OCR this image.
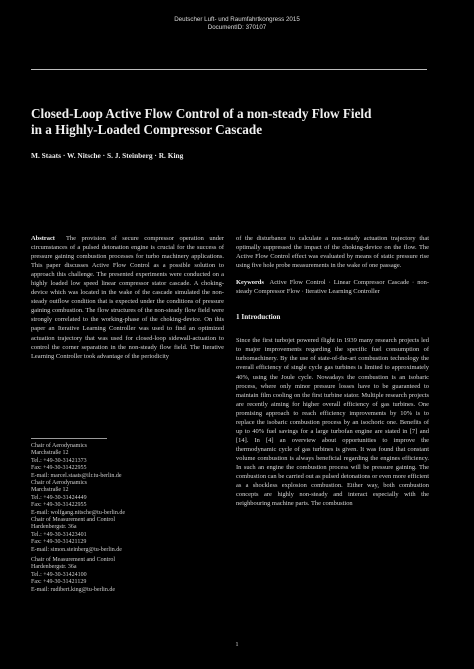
Deutscher Luft- und Raumfahrtkongress 2015
DocumentID: 370107
Closed-Loop Active Flow Control of a non-steady Flow Field
in a Highly-Loaded Compressor Cascade
M. Staats · W. Nitsche · S. J. Steinberg · R. King

Abstract The provision of secure compressor operation under circumstances of a pulsed detonation engine is crucial for the success of pressure gaining combustion processes for turbo machinery applications. This paper discusses Active Flow Control as a possible solution to approach this challenge. The presented experiments were conducted on a highly loaded low speed linear compressor stator cascade. A choking-device which was located in the wake of the cascade simulated the non-steady outflow condition that is expected under the conditions of pressure gaining combustion. The flow structures of the non-steady flow field were strongly correlated to the working-phase of the choking-device. On this paper an Iterative Learning Controller was used to find an optimized actuation trajectory that was used for closed-loop sidewall-actuation to control the corner separation in the non-steady flow field. The Iterative Learning Controller took advantage of the periodicity

of the disturbance to calculate a non-steady actuation trajectory that optimally suppressed the impact of the choking-device on the flow. The Active Flow Control effect was evaluated by means of static pressure rise using five hole probe measurements in the wake of one passage.

Keywords Active Flow Control · Linear Compressor Cascade · non-steady Compressor Flow · Iterative Learning Controller

1 Introduction

Since the first turbojet powered flight in 1939 many research projects led to major improvements regarding the specific fuel consumption of turbomachinery. By the use of state-of-the-art combustion technology the overall efficiency of single cycle gas turbines is limited to approximately 40%, using the Joule cycle. Nowadays the combustion is an isobaric process, where only minor pressure losses have to be guaranteed to maintain film cooling on the first turbine stator. Multiple research projects are recently aiming for higher overall efficiency of gas turbines. One promising approach to reach efficiency improvements by 10% is to replace the isobaric combustion process by an isochoric one. Benefits of up to 40% fuel savings for a large turbofan engine are stated in [7] and [14]. In [4] an overview about opportunities to improve the thermodynamic cycle of gas turbines is given. It was found that constant volume combustion is always beneficial regarding the engines efficiency. In such an engine the combustion process will be pressure gaining. The combustion can be carried out as pulsed detonations or even more efficient as a shockless explosion combustion. Either way, both combustion concepts are highly non-steady and interact especially with the neighbouring machine parts. The combustion

Chair of Aerodynamics
Marchstraße 12
Tel.: +49-30-31421373
Fax: +49-30-31422955
E-mail: marcel.staats@ilr.tu-berlin.de
Chair of Aerodynamics
Marchstraße 12
Tel.: +49-30-31424449
Fax: +49-30-31422955
E-mail: wolfgang.nitsche@tu-berlin.de
Chair of Measurement and Control
Hardenbergstr. 36a
Tel.: +49-30-31423401
Fax: +49-30-31421129
E-mail: simon.steinberg@tu-berlin.de
Chair of Measurement and Control
Hardenbergstr. 36a
Tel.: +49-30-31424100
Fax: +49-30-31421129
E-mail: rudibert.king@tu-berlin.de
1
